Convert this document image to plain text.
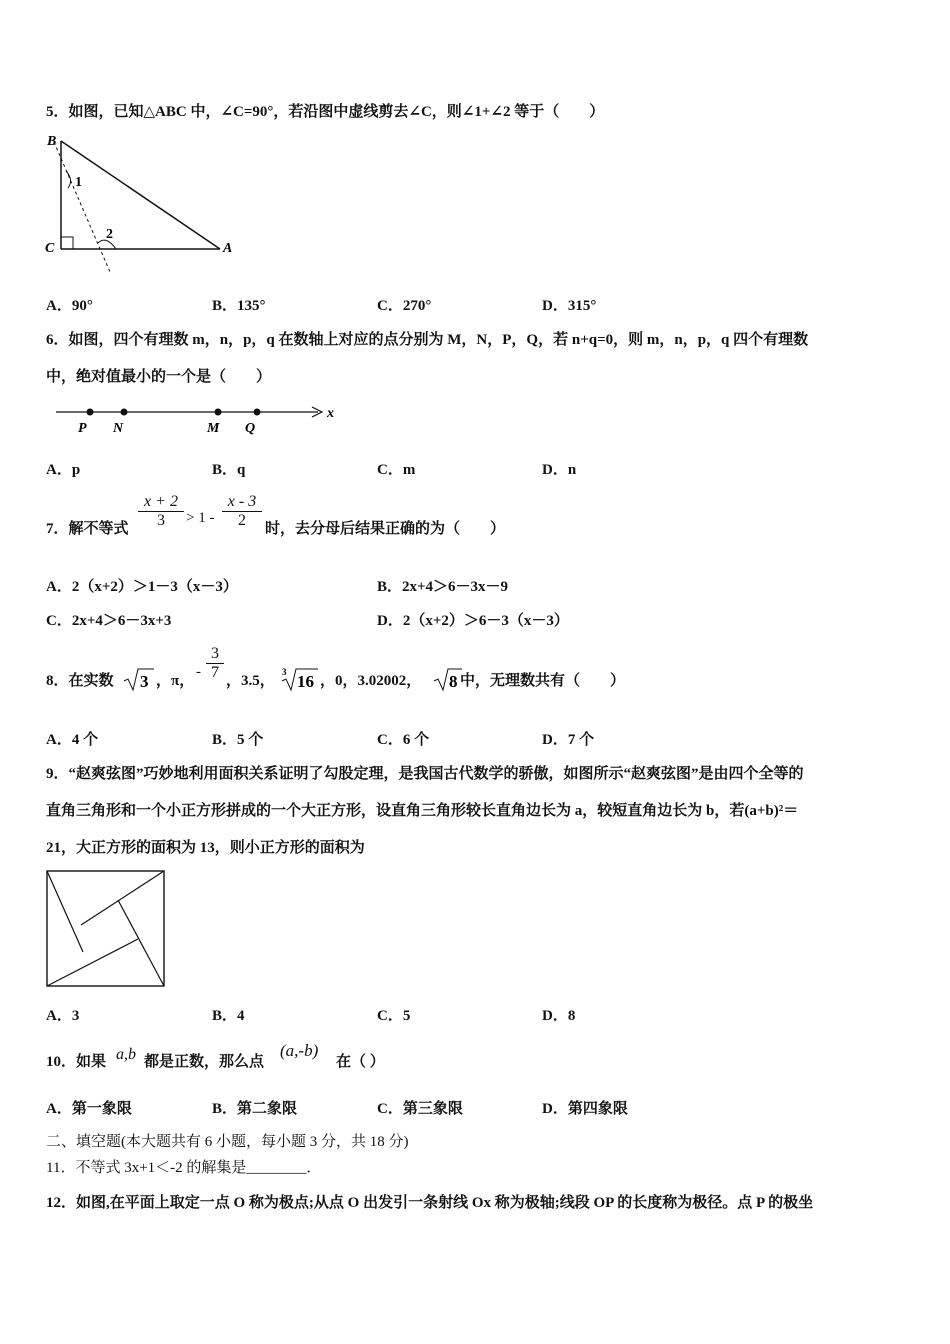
5．如图，已知△ABC 中，∠C=90°，若沿图中虚线剪去∠C，则∠1+∠2 等于（　　）
B
C	A
1
2
A．90°	B．135°	C．270°	D．315°
6．如图，四个有理数 m，n，p，q 在数轴上对应的点分别为 M，N，P，Q，若 n+q=0，则 m，n，p，q 四个有理数
中，绝对值最小的一个是（　　）
P N	M Q
x
A．p	B．q	C．m	D．n
7．解不等式 $\frac{x + 2}{3} > 1 - \frac{x - 3}{2}$ 时，去分母后结果正确的为（　　）
A．2（x+2）＞1－3（x－3）	B．2x+4＞6－3x－9
C．2x+4＞6－3x+3	D．2（x+2）＞6－3（x－3）
8．在实数 3 ，π，
- $\frac{3}{7}$ ，3.5，
3 16 ，0，3.02002， 8 中，无理数共有（　　）
A．4 个	B．5 个	C．6 个	D．7 个
9．“赵爽弦图”巧妙地利用面积关系证明了勾股定理，是我国古代数学的骄傲，如图所示“赵爽弦图”是由四个全等的
直角三角形和一个小正方形拼成的一个大正方形，设直角三角形较长直角边长为 a，较短直角边长为 b，若(a+b)²＝
21，大正方形的面积为 13，则小正方形的面积为
A．3	B．4	C．5	D．8
10．如果 a,b 都是正数，那么点
(a,-b)
在（ ）
A．第一象限	B．第二象限	C．第三象限	D．第四象限
二、填空题(本大题共有 6 小题，每小题 3 分，共 18 分)
11．不等式 3x+1＜-2 的解集是________．
12．如图,在平面上取定一点 O 称为极点;从点 O 出发引一条射线 Ox 称为极轴;线段 OP 的长度称为极径。点 P 的极坐
